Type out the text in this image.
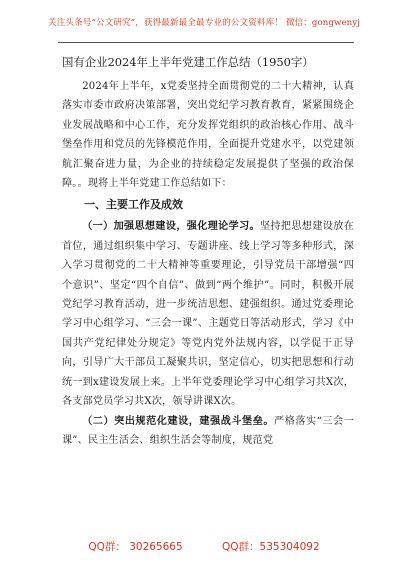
关注头条号“公文研究”，获得最新最全最专业的公文资料库！ 微信：gongwenyj
国有企业2024年上半年党建工作总结（1950字）

2024年上半年，x党委坚持全面贯彻党的二十大精神，认真落实市委市政府决策部署，突出党纪学习教育教育，紧紧围绕企业发展战略和中心工作，充分发挥党组织的政治核心作用、战斗堡垒作用和党员的先锋模范作用，全面提升党建水平，以党建领航汇聚奋进力量，为企业的持续稳定发展提供了坚强的政治保障。。现将上半年党建工作总结如下：

一、主要工作及成效

（一）加强思想建设，强化理论学习。坚持把思想建设放在首位，通过组织集中学习、专题讲座、线上学习等多种形式，深入学习贯彻党的二十大精神等重要理论，引导党员干部增强“四个意识”、坚定“四个自信”、做到“两个维护”。同时，积极开展党纪学习教育活动，进一步统洁思想、建强组织。通过党委理论学习中心组学习、“三会一课”、主题党日等活动形式，学习《中国共产党纪律处分规定》等党内党外法规内容，以学促干正导向，引导广大干部员工凝聚共识，坚定信心，切实把思想和行动统一到x建设发展上来。上半年党委理论学习中心组学习共X次，各支部党员学习共X次，领导讲课X次。

（二）突出规范化建设，建强战斗堡垒。严格落实“三会一课”、民主生活会、组织生活会等制度，规范党

QQ群： 30265665	QQ群：535304092
